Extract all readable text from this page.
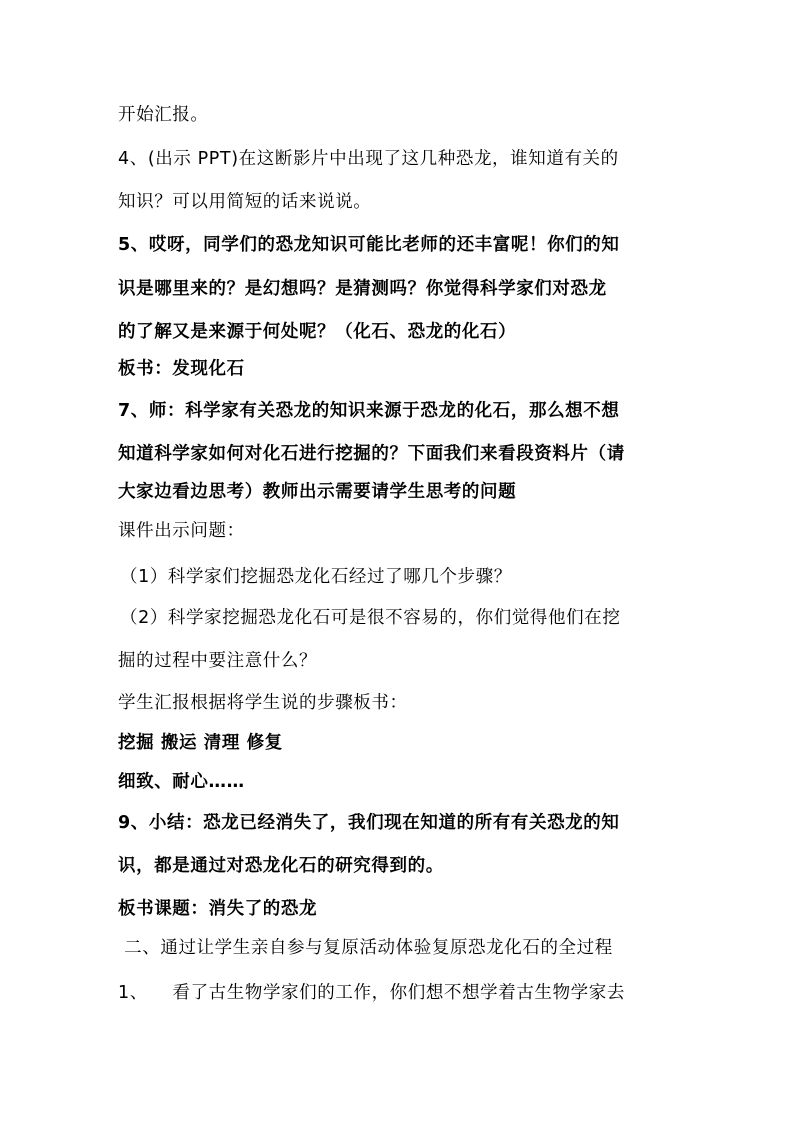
开始汇报。
4、(出示 PPT)在这断影片中出现了这几种恐龙，谁知道有关的
知识？可以用简短的话来说说。
5、哎呀，同学们的恐龙知识可能比老师的还丰富呢！你们的知
识是哪里来的？是幻想吗？是猜测吗？你觉得科学家们对恐龙
的了解又是来源于何处呢？（化石、恐龙的化石）
板书：发现化石
7、师：科学家有关恐龙的知识来源于恐龙的化石，那么想不想
知道科学家如何对化石进行挖掘的？下面我们来看段资料片（请
大家边看边思考）教师出示需要请学生思考的问题
课件出示问题：
（1）科学家们挖掘恐龙化石经过了哪几个步骤？
（2）科学家挖掘恐龙化石可是很不容易的，你们觉得他们在挖
掘的过程中要注意什么？
学生汇报根据将学生说的步骤板书：
挖掘 搬运 清理 修复
细致、耐心……
9、小结：恐龙已经消失了，我们现在知道的所有有关恐龙的知
识，都是通过对恐龙化石的研究得到的。
板书课题：消失了的恐龙
二、通过让学生亲自参与复原活动体验复原恐龙化石的全过程
1、    看了古生物学家们的工作，你们想不想学着古生物学家去
